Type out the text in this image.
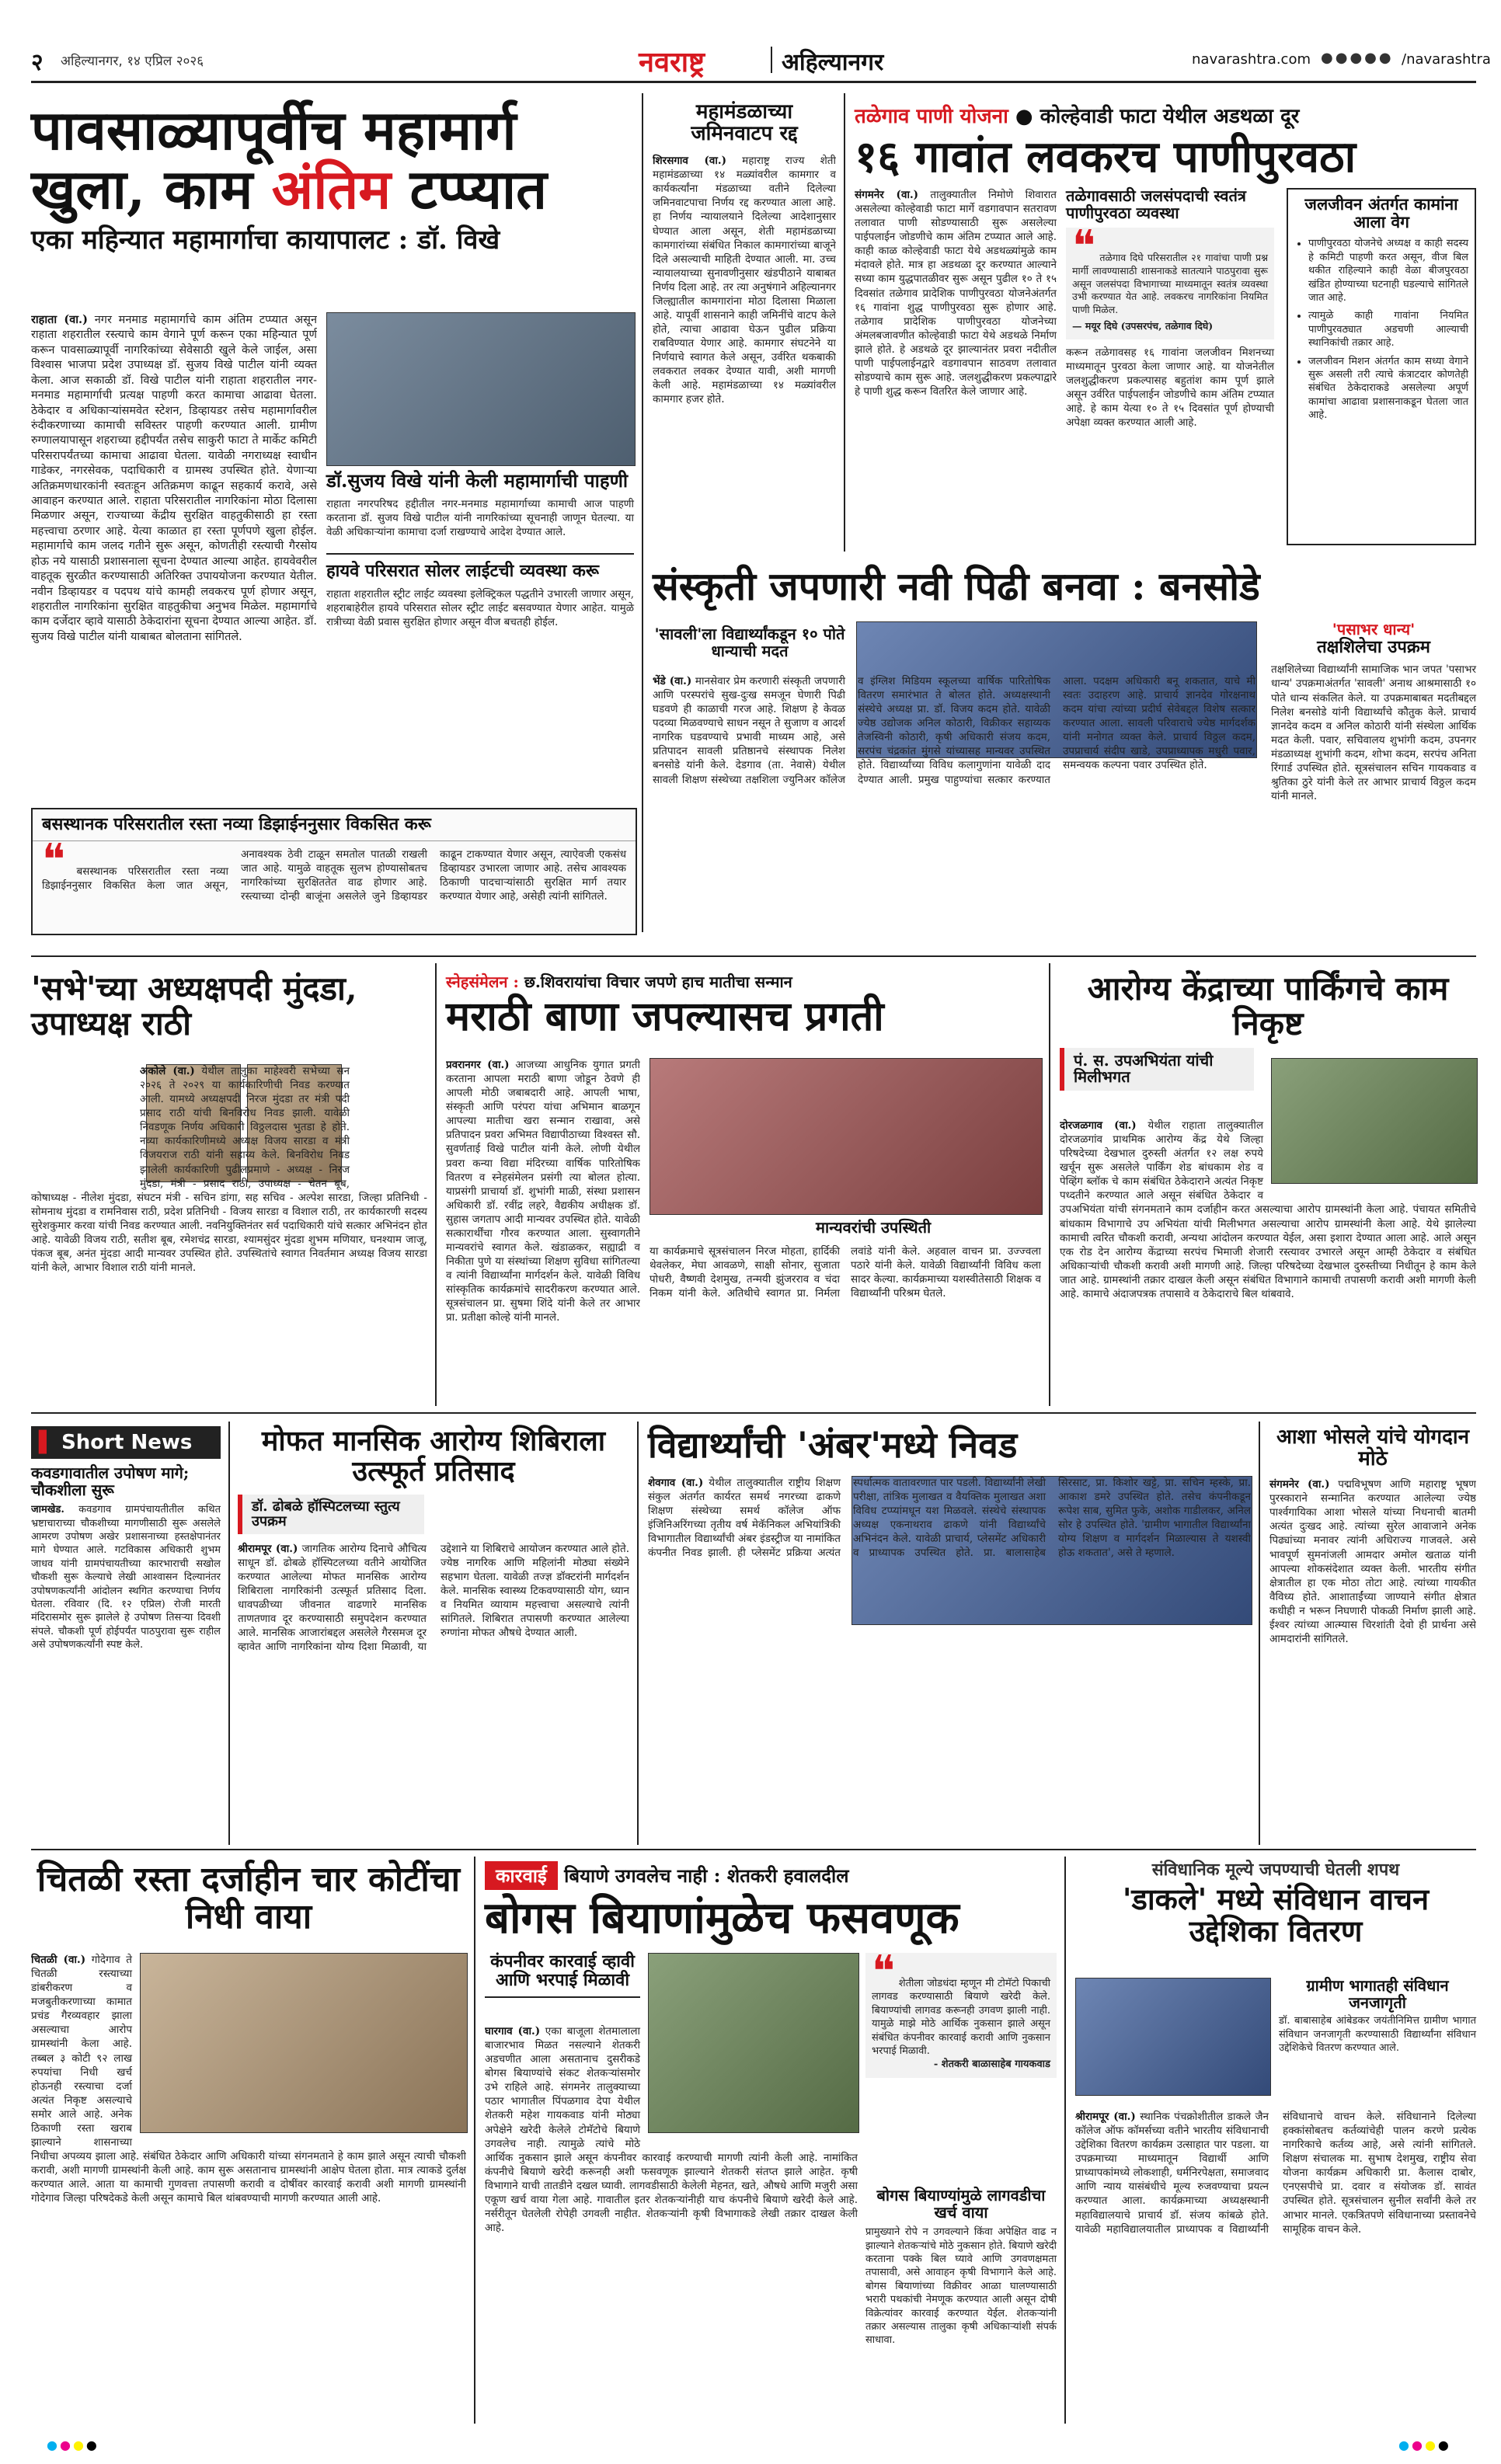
२ अहिल्यानगर, १४ एप्रिल २०२६	नवराष्ट्र	अहिल्यानगर	navarashtra.com ●●●●● /navarashtra
पावसाळ्यापूर्वीच महामार्ग
खुला, काम अंतिम टप्प्यात
एका महिन्यात महामार्गाचा कायापालट : डॉ. विखे
राहाता (वा.) नगर मनमाड महामार्गाचे काम अंतिम टप्प्यात असून राहाता शहरातील रस्त्याचे काम वेगाने पूर्ण करून एका महिन्यात पूर्ण करून पावसाळ्यापूर्वी नागरिकांच्या सेवेसाठी खुले केले जाईल, असा विश्वास भाजपा प्रदेश उपाध्यक्ष डॉ. सुजय विखे पाटील यांनी व्यक्त केला. आज सकाळी डॉ. विखे पाटील यांनी राहाता शहरातील नगर-मनमाड महामार्गाची प्रत्यक्ष पाहणी करत कामाचा आढावा घेतला. ठेकेदार व अधिकाऱ्यांसमवेत स्टेशन, डिव्हायडर तसेच महामार्गावरील रुंदीकरणाच्या कामाची सविस्तर पाहणी करण्यात आली. ग्रामीण रुग्णालयापासून शहराच्या हद्दीपर्यंत तसेच साकुरी फाटा ते मार्केट कमिटी परिसरापर्यंतच्या कामाचा आढावा घेतला. यावेळी नगराध्यक्ष स्वाधीन गाडेकर, नगरसेवक, पदाधिकारी व ग्रामस्थ उपस्थित होते. येणाऱ्या अतिक्रमणधारकांनी स्वतःहून अतिक्रमण काढून सहकार्य करावे, असे आवाहन करण्यात आले. राहाता परिसरातील नागरिकांना मोठा दिलासा मिळणार असून, राज्याच्या केंद्रीय सुरक्षित वाहतुकीसाठी हा रस्ता महत्त्वाचा ठरणार आहे. येत्या काळात हा रस्ता पूर्णपणे खुला होईल. महामार्गाचे काम जलद गतीने सुरू असून, कोणतीही रस्त्याची गैरसोय होऊ नये यासाठी प्रशासनाला सूचना देण्यात आल्या आहेत. हायवेवरील वाहतूक सुरळीत करण्यासाठी अतिरिक्त उपाययोजना करण्यात येतील. नवीन डिव्हायडर व पदपथ यांचे कामही लवकरच पूर्ण होणार असून, शहरातील नागरिकांना सुरक्षित वाहतुकीचा अनुभव मिळेल. महामार्गाचे काम दर्जेदार व्हावे यासाठी ठेकेदारांना सूचना देण्यात आल्या आहेत. डॉ. सुजय विखे पाटील यांनी याबाबत बोलताना सांगितले.
डॉ.सुजय विखे यांनी केली महामार्गाची पाहणी
राहाता नगरपरिषद हद्दीतील नगर-मनमाड महामार्गाच्या कामाची आज पाहणी करताना डॉ. सुजय विखे पाटील यांनी नागरिकांच्या सूचनाही जाणून घेतल्या. या वेळी अधिकाऱ्यांना कामाचा दर्जा राखण्याचे आदेश देण्यात आले.
हायवे परिसरात सोलर लाईटची व्यवस्था करू
राहाता शहरातील स्ट्रीट लाईट व्यवस्था इलेक्ट्रिकल पद्धतीने उभारली जाणार असून, शहराबाहेरील हायवे परिसरात सोलर स्ट्रीट लाईट बसवण्यात येणार आहेत. यामुळे रात्रीच्या वेळी प्रवास सुरक्षित होणार असून वीज बचतही होईल.
बसस्थानक परिसरातील रस्ता नव्या डिझाईननुसार विकसित करू
❝ बसस्थानक परिसरातील रस्ता नव्या डिझाईननुसार विकसित केला जात असून, अनावश्यक ठेवी टाळून समतोल पातळी राखली जात आहे. यामुळे वाहतूक सुलभ होण्यासोबतच नागरिकांच्या सुरक्षिततेत वाढ होणार आहे. रस्त्याच्या दोन्ही बाजूंना असलेले जुने डिव्हायडर काढून टाकण्यात येणार असून, त्याऐवजी एकसंध डिव्हायडर उभारला जाणार आहे. तसेच आवश्यक ठिकाणी पादचाऱ्यांसाठी सुरक्षित मार्ग तयार करण्यात येणार आहे, असेही त्यांनी सांगितले.
महामंडळाच्या जमिनवाटप रद्द
शिरसगाव (वा.) महाराष्ट्र राज्य शेती महामंडळाच्या १४ मळ्यांवरील कामगार व कार्यकर्त्यांना मंडळाच्या वतीने दिलेल्या जमिनवाटपाचा निर्णय रद्द करण्यात आला आहे. हा निर्णय न्यायालयाने दिलेल्या आदेशानुसार घेण्यात आला असून, शेती महामंडळाच्या कामगारांच्या संबंधित निकाल कामगारांच्या बाजूने दिले असल्याची माहिती देण्यात आली. मा. उच्च न्यायालयाच्या सुनावणीनुसार खंडपीठाने याबाबत निर्णय दिला आहे. तर त्या अनुषंगाने अहिल्यानगर जिल्ह्यातील कामगारांना मोठा दिलासा मिळाला आहे. यापूर्वी शासनाने काही जमिनींचे वाटप केले होते, त्याचा आढावा घेऊन पुढील प्रक्रिया राबविण्यात येणार आहे. कामगार संघटनेने या निर्णयाचे स्वागत केले असून, उर्वरित थकबाकी लवकरात लवकर देण्यात यावी, अशी मागणी केली आहे. महामंडळाच्या १४ मळ्यांवरील कामगार हजर होते.
तळेगाव पाणी योजना ● कोल्हेवाडी फाटा येथील अडथळा दूर
१६ गावांत लवकरच पाणीपुरवठा
संगमनेर (वा.) तालुक्यातील निमोणे शिवारात असलेल्या कोल्हेवाडी फाटा मार्गे वडगावपान सतरावण तलावात पाणी सोडण्यासाठी सुरू असलेल्या पाईपलाईन जोडणीचे काम अंतिम टप्प्यात आले आहे. काही काळ कोल्हेवाडी फाटा येथे अडथळ्यांमुळे काम मंदावले होते. मात्र हा अडथळा दूर करण्यात आल्याने सध्या काम युद्धपातळीवर सुरू असून पुढील १० ते १५ दिवसांत तळेगाव प्रादेशिक पाणीपुरवठा योजनेअंतर्गत १६ गावांना शुद्ध पाणीपुरवठा सुरू होणार आहे. तळेगाव प्रादेशिक पाणीपुरवठा योजनेच्या अंमलबजावणीत कोल्हेवाडी फाटा येथे अडथळे निर्माण झाले होते. हे अडथळे दूर झाल्यानंतर प्रवरा नदीतील पाणी पाईपलाईनद्वारे वडगावपान साठवण तलावात सोडण्याचे काम सुरू आहे. जलशुद्धीकरण प्रकल्पाद्वारे हे पाणी शुद्ध करून वितरित केले जाणार आहे.
तळेगावसाठी जलसंपदाची स्वतंत्र पाणीपुरवठा व्यवस्था
❝ तळेगाव दिघे परिसरातील २१ गावांचा पाणी प्रश्न मार्गी लावण्यासाठी शासनाकडे सातत्याने पाठपुरावा सुरू असून जलसंपदा विभागाच्या माध्यमातून स्वतंत्र व्यवस्था उभी करण्यात येत आहे. लवकरच नागरिकांना नियमित पाणी मिळेल.
— मयूर दिघे (उपसरपंच, तळेगाव दिघे)
करून तळेगावसह १६ गावांना जलजीवन मिशनच्या माध्यमातून पुरवठा केला जाणार आहे. या योजनेतील जलशुद्धीकरण प्रकल्पासह बहुतांश काम पूर्ण झाले असून उर्वरित पाईपलाईन जोडणीचे काम अंतिम टप्प्यात आहे. हे काम येत्या १० ते १५ दिवसांत पूर्ण होण्याची अपेक्षा व्यक्त करण्यात आली आहे.
जलजीवन अंतर्गत कामांना आला वेग
• पाणीपुरवठा योजनेचे अध्यक्ष व काही सदस्य हे कमिटी पाहणी करत असून, वीज बिल थकीत राहिल्याने काही वेळा बीजपुरवठा खंडित होण्याच्या घटनाही घडल्याचे सांगितले जात आहे.
• त्यामुळे काही गावांना नियमित पाणीपुरवठ्यात अडचणी आल्याची स्थानिकांची तक्रार आहे.
• जलजीवन मिशन अंतर्गत काम सध्या वेगाने सुरू असली तरी त्याचे कंत्राटदार कोणतेही संबंधित ठेकेदाराकडे असलेल्या अपूर्ण कामांचा आढावा प्रशासनाकडून घेतला जात आहे.
संस्कृती जपणारी नवी पिढी बनवा : बनसोडे
'सावली'ला विद्यार्थ्यांकडून १० पोते धान्याची मदत
भेंडे (वा.) मानसेवार प्रेम करणारी संस्कृती जपणारी आणि परस्परांचे सुख-दुःख समजून घेणारी पिढी घडवणे ही काळाची गरज आहे. शिक्षण हे केवळ पदव्या मिळवण्याचे साधन नसून ते सुजाण व आदर्श नागरिक घडवण्याचे प्रभावी माध्यम आहे, असे प्रतिपादन सावली प्रतिष्ठानचे संस्थापक निलेश बनसोडे यांनी केले. देडगाव (ता. नेवासे) येथील सावली शिक्षण संस्थेच्या तक्षशिला ज्युनिअर कॉलेज व इंग्लिश मिडियम स्कूलच्या वार्षिक पारितोषिक वितरण समारंभात ते बोलत होते. अध्यक्षस्थानी संस्थेचे अध्यक्ष प्रा. डॉ. विजय कदम होते. यावेळी ज्येष्ठ उद्योजक अनिल कोठारी, विक्रीकर सहाय्यक तेजस्विनी कोठारी, कृषी अधिकारी संजय कदम, सरपंच चंद्रकांत मुंगसे यांच्यासह मान्यवर उपस्थित होते. विद्यार्थ्यांच्या विविध कलागुणांना यावेळी दाद देण्यात आली. प्रमुख पाहुण्यांचा सत्कार करण्यात आला. पदक्षम अधिकारी बनू शकतात, याचे मी स्वतः उदाहरण आहे. प्राचार्य ज्ञानदेव गोरक्षनाथ कदम यांचा त्यांच्या प्रदीर्घ सेवेबद्दल विशेष सत्कार करण्यात आला. सावली परिवाराचे ज्येष्ठ मार्गदर्शक यांनी मनोगत व्यक्त केले. प्राचार्य विठ्ठल कदम, उपप्राचार्य संदीप खाडे, उपप्राध्यापक मधुरी पवार, समन्वयक कल्पना पवार उपस्थित होते.
'पसाभर धान्य'
तक्षशिलेचा उपक्रम
तक्षशिलेच्या विद्यार्थ्यांनी सामाजिक भान जपत 'पसाभर धान्य' उपक्रमाअंतर्गत 'सावली' अनाथ आश्रमासाठी १० पोते धान्य संकलित केले. या उपक्रमाबाबत मदतीबद्दल निलेश बनसोडे यांनी विद्यार्थ्यांचे कौतुक केले. प्राचार्य ज्ञानदेव कदम व अनिल कोठारी यांनी संस्थेला आर्थिक मदत केली. पवार, सचिवालय शुभांगी कदम, उपनगर मंडळाध्यक्ष शुभांगी कदम, शोभा कदम, सरपंच अनिता रिंगार्ड उपस्थित होते. सूत्रसंचालन सचिन गायकवाड व श्रुतिका ठुरे यांनी केले तर आभार प्राचार्य विठ्ठल कदम यांनी मानले.
'सभे'च्या अध्यक्षपदी मुंदडा, उपाध्यक्ष राठी
अकोले (वा.) येथील तालुका माहेश्वरी सभेच्या सन २०२६ ते २०२९ या कार्यकारिणीची निवड करण्यात आली. यामध्ये अध्यक्षपदी निरज मुंदडा तर मंत्री पदी प्रसाद राठी यांची बिनविरोध निवड झाली. यावेळी निवडणूक निर्णय अधिकारी विठ्ठलदास भुतडा हे होते. नव्या कार्यकारिणीमध्ये अध्यक्ष विजय सारडा व मंत्री विजयराज राठी यांनी सहाय्य केले. बिनविरोध निवड झालेली कार्यकारिणी पुढीलप्रमाणे - अध्यक्ष - निरज मुंदडा, मंत्री - प्रसाद राठी, उपाध्यक्ष - चेतन बूब, कोषाध्यक्ष - नीलेश मुंदडा, संघटन मंत्री - सचिन डांगा, सह सचिव - अल्पेश सारडा, जिल्हा प्रतिनिधी - सोमनाथ मुंदडा व रामनिवास राठी, प्रदेश प्रतिनिधी - विजय सारडा व विशाल राठी, तर कार्यकारणी सदस्य सुरेशकुमार करवा यांची निवड करण्यात आली. नवनियुक्तिनंतर सर्व पदाधिकारी यांचे सत्कार अभिनंदन होत आहे. यावेळी विजय राठी, सतीश बूब, रमेशचंद्र सारडा, श्यामसुंदर मुंदडा शुभम मणियार, घनश्याम जाजू, पंकज बूब, अनंत मुंदडा आदी मान्यवर उपस्थित होते. उपस्थितांचे स्वागत निवर्तमान अध्यक्ष विजय सारडा यांनी केले, आभार विशाल राठी यांनी मानले.
स्नेहसंमेलन : छ.शिवरायांचा विचार जपणे हाच मातीचा सन्मान
मराठी बाणा जपल्यासच प्रगती
प्रवरानगर (वा.) आजच्या आधुनिक युगात प्रगती करताना आपला मराठी बाणा जोडून ठेवणे ही आपली मोठी जबाबदारी आहे. आपली भाषा, संस्कृती आणि परंपरा यांचा अभिमान बाळगून आपल्या मातीचा खरा सन्मान राखावा, असे प्रतिपादन प्रवरा अभिमत विद्यापीठाच्या विश्वस्त सौ. सुवर्णताई विखे पाटील यांनी केले. लोणी येथील प्रवरा कन्या विद्या मंदिरच्या वार्षिक पारितोषिक वितरण व स्नेहसंमेलन प्रसंगी त्या बोलत होत्या. याप्रसंगी प्राचार्या डॉ. शुभांगी माळी, संस्था प्रशासन अधिकारी डॉ. रवींद्र लहरे, वैद्यकीय अधीक्षक डॉ. सुहास जगताप आदी मान्यवर उपस्थित होते. यावेळी सत्कारार्थींचा गौरव करण्यात आला. सुस्वागतीने मान्यवरांचे स्वागत केले. खंडाळकर, सह्याद्री व निकीता पुणे या संस्थांच्या शिक्षण सुविधा सांगितल्या व त्यांनी विद्यार्थ्यांना मार्गदर्शन केले. यावेळी विविध सांस्कृतिक कार्यक्रमांचे सादरीकरण करण्यात आले. सूत्रसंचालन प्रा. सुषमा शिंदे यांनी केले तर आभार प्रा. प्रतीक्षा कोल्हे यांनी मानले.
मान्यवरांची उपस्थिती
या कार्यक्रमाचे सूत्रसंचालन निरज मोहता, हार्दिकी थेवलेकर, मेघा आवळणे, साक्षी सोनार, सुजाता पोधरी, वैष्णवी देशमुख, तन्मयी झुंजरराव व चंदा निकम यांनी केले. अतिथीचे स्वागत प्रा. निर्मला लवांडे यांनी केले. अहवाल वाचन प्रा. उज्ज्वला पठारे यांनी केले. यावेळी विद्यार्थ्यांनी विविध कला सादर केल्या. कार्यक्रमाच्या यशस्वीतेसाठी शिक्षक व विद्यार्थ्यांनी परिश्रम घेतले.
आरोग्य केंद्राच्या पार्किंगचे काम निकृष्ट
पं. स. उपअभियंता यांची मिलीभगत
दोरजळगाव (वा.) येथील राहाता तालुक्यातील दोरजळगांव प्राथमिक आरोग्य केंद्र येथे जिल्हा परिषदेच्या देखभाल दुरुस्ती अंतर्गत १२ लक्ष रुपये खर्चून सुरू असलेले पार्किंग शेड बांधकाम शेड व पेव्हिंग ब्लॉक चे काम संबंधित ठेकेदाराने अत्यंत निकृष्ट पध्दतीने करण्यात आले असून संबंधित ठेकेदार व उपअभियंता यांची संगनमताने काम दर्जाहीन करत असल्याचा आरोप ग्रामस्थांनी केला आहे. पंचायत समितीचे बांधकाम विभागाचे उप अभियंता यांची मिलीभगत असल्याचा आरोप ग्रामस्थांनी केला आहे. येथे झालेल्या कामाची त्वरित चौकशी करावी, अन्यथा आंदोलन करण्यात येईल, असा इशारा देण्यात आला आहे. आले असून एक रोड देन आरोग्य केंद्राच्या सरपंच भिमाजी शेजारी रस्त्यावर उभारले असून आम्ही ठेकेदार व संबंधित अधिकाऱ्यांची चौकशी करावी अशी मागणी आहे. जिल्हा परिषदेच्या देखभाल दुरुस्तीच्या निधीतून हे काम केले जात आहे. ग्रामस्थांनी तक्रार दाखल केली असून संबंधित विभागाने कामाची तपासणी करावी अशी मागणी केली आहे. कामाचे अंदाजपत्रक तपासावे व ठेकेदाराचे बिल थांबवावे.
▌ Short News
कवडगावातील उपोषण मागे; चौकशीला सुरू
जामखेड. कवडगाव ग्रामपंचायतीतील कथित भ्रष्टाचाराच्या चौकशीच्या मागणीसाठी सुरू असलेले आमरण उपोषण अखेर प्रशासनाच्या हस्तक्षेपानंतर मागे घेण्यात आले. गटविकास अधिकारी शुभम जाधव यांनी ग्रामपंचायतीच्या कारभाराची सखोल चौकशी सुरू केल्याचे लेखी आश्वासन दिल्यानंतर उपोषणकर्त्यांनी आंदोलन स्थगित करण्याचा निर्णय घेतला. रविवार (दि. १२ एप्रिल) रोजी मारती मंदिरासमोर सुरू झालेले हे उपोषण तिसऱ्या दिवशी संपले. चौकशी पूर्ण होईपर्यंत पाठपुरावा सुरू राहील असे उपोषणकर्त्यांनी स्पष्ट केले.
मोफत मानसिक आरोग्य शिबिराला उत्स्फूर्त प्रतिसाद
डॉ. ढोबळे हॉस्पिटलच्या स्तुत्य उपक्रम
श्रीरामपूर (वा.) जागतिक आरोग्य दिनाचे औचित्य साधून डॉ. ढोबळे हॉस्पिटलच्या वतीने आयोजित करण्यात आलेल्या मोफत मानसिक आरोग्य शिबिराला नागरिकांनी उत्स्फूर्त प्रतिसाद दिला. धावपळीच्या जीवनात वाढणारे मानसिक ताणतणाव दूर करण्यासाठी समुपदेशन करण्यात आले. मानसिक आजारांबद्दल असलेले गैरसमज दूर व्हावेत आणि नागरिकांना योग्य दिशा मिळावी, या उद्देशाने या शिबिराचे आयोजन करण्यात आले होते. ज्येष्ठ नागरिक आणि महिलांनी मोठ्या संख्येने सहभाग घेतला. यावेळी तज्ज्ञ डॉक्टरांनी मार्गदर्शन केले. मानसिक स्वास्थ्य टिकवण्यासाठी योग, ध्यान व नियमित व्यायाम महत्त्वाचा असल्याचे त्यांनी सांगितले. शिबिरात तपासणी करण्यात आलेल्या रुग्णांना मोफत औषधे देण्यात आली.
विद्यार्थ्यांची 'अंबर'मध्ये निवड
शेवगाव (वा.) येथील तालुक्यातील राष्ट्रीय शिक्षण संकुल अंतर्गत कार्यरत समर्थ नगरच्या ढाकणे शिक्षण संस्थेच्या समर्थ कॉलेज ऑफ इंजिनिअरिंगच्या तृतीय वर्ष मेकॅनिकल अभियांत्रिकी विभागातील विद्यार्थ्यांची अंबर इंडस्ट्रीज या नामांकित कंपनीत निवड झाली. ही प्लेसमेंट प्रक्रिया अत्यंत स्पर्धात्मक वातावरणात पार पडली. विद्यार्थ्यांनी लेखी परीक्षा, तांत्रिक मुलाखत व वैयक्तिक मुलाखत अशा विविध टप्प्यांमधून यश मिळवले. संस्थेचे संस्थापक अध्यक्ष एकनाथराव ढाकणे यांनी विद्यार्थ्यांचे अभिनंदन केले. यावेळी प्राचार्य, प्लेसमेंट अधिकारी व प्राध्यापक उपस्थित होते. प्रा. बालासाहेब सिरसाट, प्रा. किशोर खट्टे, प्रा. सचिन म्हस्के, प्रा. आकाश डमरे उपस्थित होते. तसेच कंपनीकडून रूपेश साब, सुमित फुके, अशोक गाडीलकर, अनिल सोर हे उपस्थित होते. 'ग्रामीण भागातील विद्यार्थ्यांना योग्य शिक्षण व मार्गदर्शन मिळाल्यास ते यशस्वी होऊ शकतात', असे ते म्हणाले.
आशा भोसले यांचे योगदान मोठे
संगमनेर (वा.) पद्मविभूषण आणि महाराष्ट्र भूषण पुरस्काराने सन्मानित करण्यात आलेल्या ज्येष्ठ पार्श्वगायिका आशा भोसले यांच्या निधनाची बातमी अत्यंत दुःखद आहे. त्यांच्या सुरेल आवाजाने अनेक पिढ्यांच्या मनावर त्यांनी अधिराज्य गाजवले. असे भावपूर्ण सुमनांजली आमदार अमोल खताळ यांनी आपल्या शोकसंदेशात व्यक्त केली. भारतीय संगीत क्षेत्रातील हा एक मोठा तोटा आहे. त्यांच्या गायकीत वैविध्य होते. आशाताईंच्या जाण्याने संगीत क्षेत्रात कधीही न भरून निघणारी पोकळी निर्माण झाली आहे. ईश्वर त्यांच्या आत्म्यास चिरशांती देवो ही प्रार्थना असे आमदारांनी सांगितले.
चितळी रस्ता दर्जाहीन चार कोटींचा निधी वाया
चितळी (वा.) गोदेगाव ते चितळी रस्त्याच्या डांबरीकरण व मजबुतीकरणाच्या कामात प्रचंड गैरव्यवहार झाला असल्याचा आरोप ग्रामस्थांनी केला आहे. तब्बल ३ कोटी ९२ लाख रुपयांचा निधी खर्च होऊनही रस्त्याचा दर्जा अत्यंत निकृष्ट असल्याचे समोर आले आहे. अनेक ठिकाणी रस्ता खराब झाल्याने शासनाच्या निधीचा अपव्यय झाला आहे. संबंधित ठेकेदार आणि अधिकारी यांच्या संगनमताने हे काम झाले असून त्याची चौकशी करावी, अशी मागणी ग्रामस्थांनी केली आहे. काम सुरू असतानाच ग्रामस्थांनी आक्षेप घेतला होता. मात्र त्याकडे दुर्लक्ष करण्यात आले. आता या कामाची गुणवत्ता तपासणी करावी व दोषींवर कारवाई करावी अशी मागणी ग्रामस्थांनी गोदेगाव जिल्हा परिषदेकडे केली असून कामाचे बिल थांबवण्याची मागणी करण्यात आली आहे.
कारवाई बियाणे उगवलेच नाही : शेतकरी हवालदील
बोगस बियाणांमुळेच फसवणूक
कंपनीवर कारवाई व्हावी आणि भरपाई मिळावी	❝ शेतीला जोडधंदा म्हणून मी टोमॅटो पिकाची लागवड करण्यासाठी बियाणे खरेदी केले. बियाण्यांची लागवड करूनही उगवण झाली नाही. यामुळे माझे मोठे आर्थिक नुकसान झाले असून संबंधित कंपनीवर कारवाई करावी आणि नुकसान भरपाई मिळावी.
- शेतकरी बाळासाहेब गायकवाड
घारगाव (वा.) एका बाजूला शेतमालाला बाजारभाव मिळत नसल्याने शेतकरी अडचणीत आला असतानाच दुसरीकडे बोगस बियाण्यांचे संकट शेतकऱ्यांसमोर उभे राहिले आहे. संगमनेर तालुक्याच्या पठार भागातील पिंपळगाव देपा येथील शेतकरी महेश गायकवाड यांनी मोठ्या अपेक्षेने खरेदी केलेले टोमॅटोचे बियाणे उगवलेच नाही. त्यामुळे त्यांचे मोठे आर्थिक नुकसान झाले असून कंपनीवर कारवाई करण्याची मागणी त्यांनी केली आहे. नामांकित कंपनीचे बियाणे खरेदी करूनही अशी फसवणूक झाल्याने शेतकरी संतप्त झाले आहेत. कृषी विभागाने याची तातडीने दखल घ्यावी. लागवडीसाठी केलेली मेहनत, खते, औषधे आणि मजुरी असा एकूण खर्च वाया गेला आहे. गावातील इतर शेतकऱ्यांनीही याच कंपनीचे बियाणे खरेदी केले आहे. नर्सरीतून घेतलेली रोपेही उगवली नाहीत. शेतकऱ्यांनी कृषी विभागाकडे लेखी तक्रार दाखल केली आहे.
बोगस बियाण्यांमुळे लागवडीचा खर्च वाया
प्रामुख्याने रोपे न उगवल्याने किंवा अपेक्षित वाढ न झाल्याने शेतकऱ्यांचे मोठे नुकसान होते. बियाणे खरेदी करताना पक्के बिल घ्यावे आणि उगवणक्षमता तपासावी, असे आवाहन कृषी विभागाने केले आहे. बोगस बियाणांच्या विक्रीवर आळा घालण्यासाठी भरारी पथकांची नेमणूक करण्यात आली असून दोषी विक्रेत्यांवर कारवाई करण्यात येईल. शेतकऱ्यांनी तक्रार असल्यास तालुका कृषी अधिकाऱ्यांशी संपर्क साधावा.
संविधानिक मूल्ये जपण्याची घेतली शपथ
'डाकले' मध्ये संविधान वाचन उद्देशिका वितरण
ग्रामीण भागातही संविधान जनजागृती
डॉ. बाबासाहेब आंबेडकर जयंतीनिमित्त ग्रामीण भागात संविधान जनजागृती करण्यासाठी विद्यार्थ्यांना संविधान उद्देशिकेचे वितरण करण्यात आले.
श्रीरामपूर (वा.) स्थानिक पंचक्रोशीतील डाकले जैन कॉलेज ऑफ कॉमर्सच्या वतीने भारतीय संविधानाची उद्देशिका वितरण कार्यक्रम उत्साहात पार पडला. या उपक्रमाच्या माध्यमातून विद्यार्थी आणि प्राध्यापकांमध्ये लोकशाही, धर्मनिरपेक्षता, समाजवाद आणि न्याय यासंबंधीचे मूल्य रुजवण्याचा प्रयत्न करण्यात आला. कार्यक्रमाच्या अध्यक्षस्थानी महाविद्यालयाचे प्राचार्य डॉ. संजय कांबळे होते. यावेळी महाविद्यालयातील प्राध्यापक व विद्यार्थ्यांनी संविधानाचे वाचन केले. संविधानाने दिलेल्या हक्कांसोबतच कर्तव्यांचेही पालन करणे प्रत्येक नागरिकाचे कर्तव्य आहे, असे त्यांनी सांगितले. शिक्षण संचालक मा. सुभाष देशमुख, राष्ट्रीय सेवा योजना कार्यक्रम अधिकारी प्रा. कैलास दाबोर, एनएसपीचे प्रा. दवार व संयोजक डॉ. सावंत उपस्थित होते. सूत्रसंचालन सुनील सर्वांनी केले तर आभार मानले. एकत्रितपणे संविधानाच्या प्रस्तावनेचे सामूहिक वाचन केले.
●●●●	●●●●
